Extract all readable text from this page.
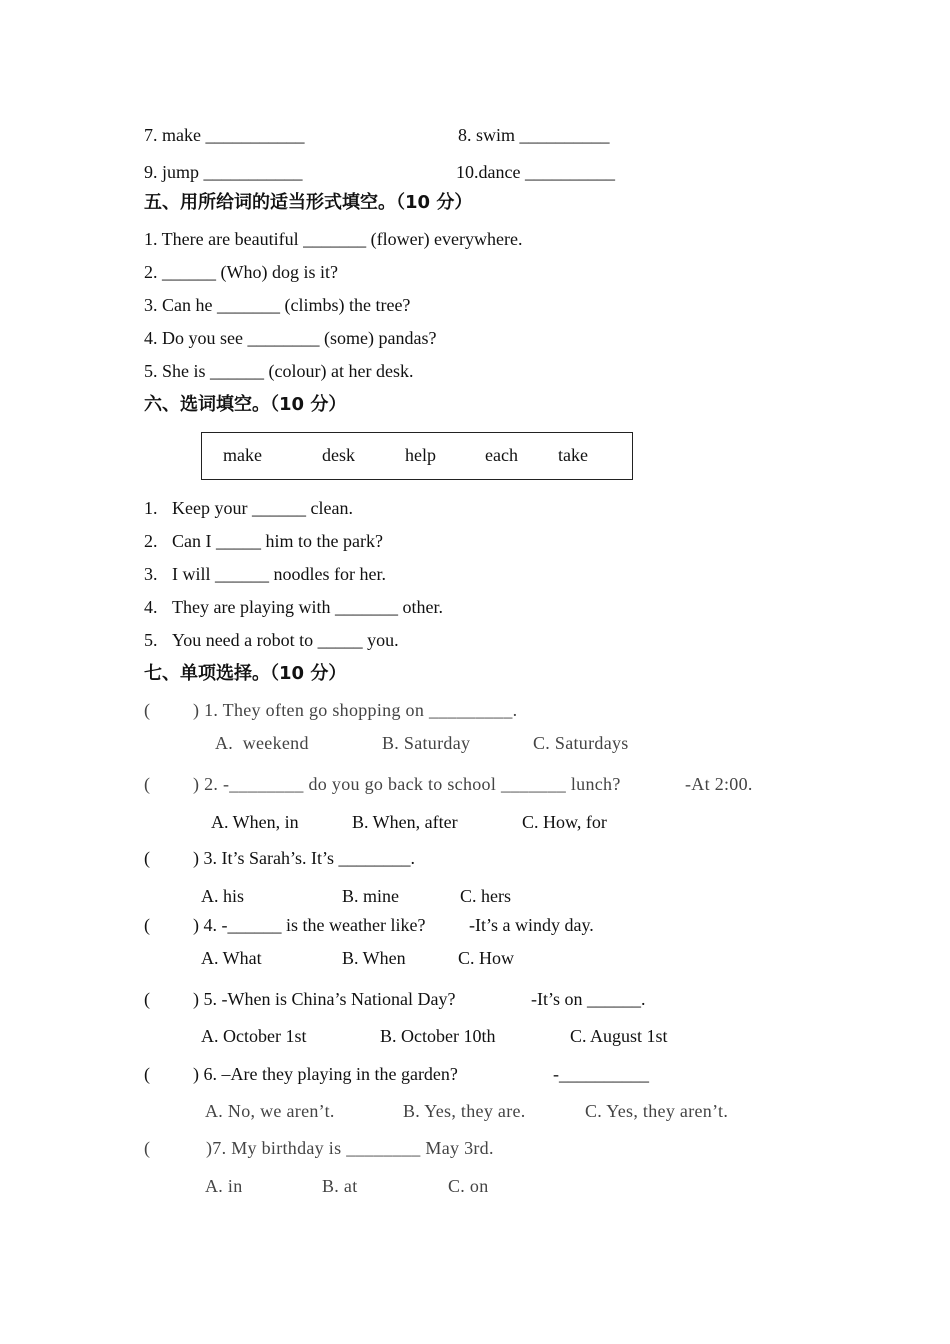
7. make ___________	8. swim __________
9. jump ___________	10.dance __________
五、用所给词的适当形式填空。（10 分）
1. There are beautiful _______ (flower) everywhere.
2. ______ (Who) dog is it?
3. Can he _______ (climbs) the tree?
4. Do you see ________ (some) pandas?
5. She is ______ (colour) at her desk.
六、选词填空。（10 分）
make	desk	help	each take
1. Keep your ______ clean.
2. Can I _____ him to the park?
3. I will ______ noodles for her.
4. They are playing with _______ other.
5. You need a robot to _____ you.
七、单项选择。（10 分）
( ) 1. They often go shopping on _________.
A.  weekend	B. Saturday	C. Saturdays
( ) 2. -________ do you go back to school _______ lunch?	-At 2:00.
A. When, in	B. When, after	C. How, for
( ) 3. It’s Sarah’s. It’s ________.
A. his	B. mine	C. hers
( ) 4. -______ is the weather like? -It’s a windy day.
A. What	B. When	C. How
( ) 5. -When is China’s National Day?	-It’s on ______.
A. October 1st	B. October 10th	C. August 1st
( ) 6. –Are they playing in the garden?	-__________
A. No, we aren’t.	B. Yes, they are.	C. Yes, they aren’t.
(	)7. My birthday is ________ May 3rd.
A. in	B. at	C. on
